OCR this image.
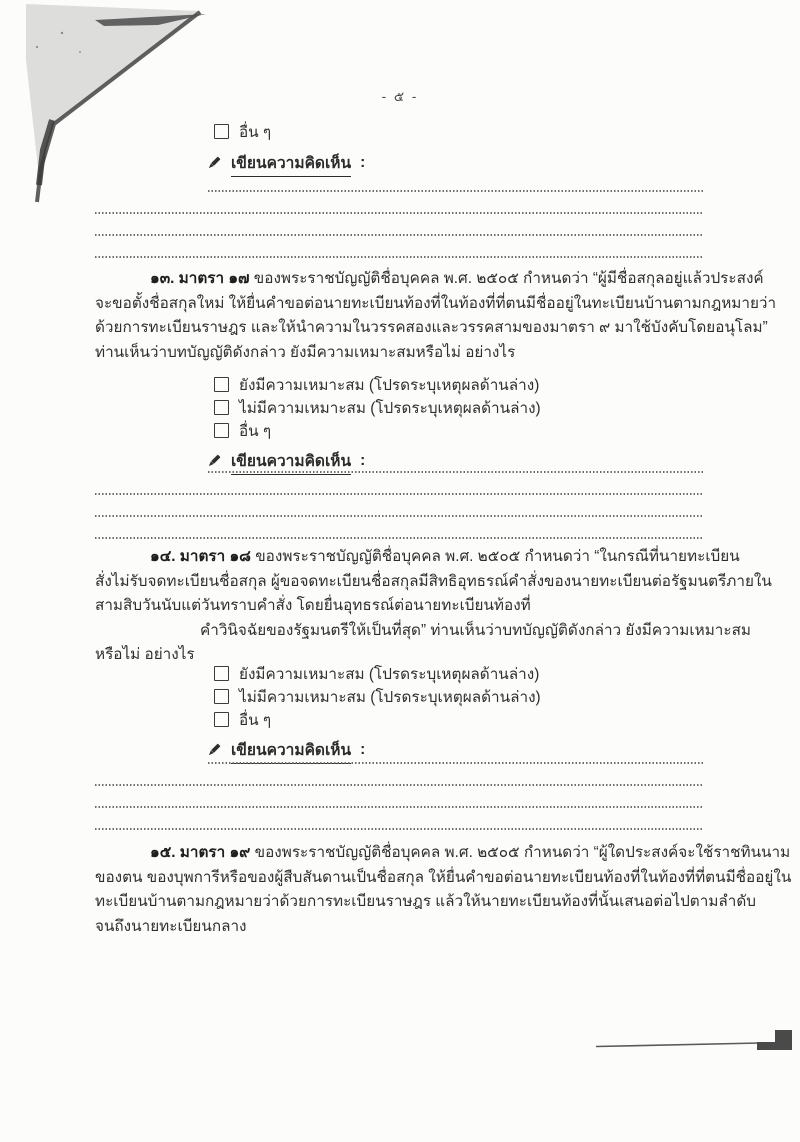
- ๕ -
อื่น ๆ
เขียนความคิดเห็น :
๑๓. มาตรา ๑๗ ของพระราชบัญญัติชื่อบุคคล พ.ศ. ๒๕๐๕ กำหนดว่า “ผู้มีชื่อสกุลอยู่แล้วประสงค์
จะขอตั้งชื่อสกุลใหม่ ให้ยื่นคำขอต่อนายทะเบียนท้องที่ในท้องที่ที่ตนมีชื่ออยู่ในทะเบียนบ้านตามกฎหมายว่า
ด้วยการทะเบียนราษฎร และให้นำความในวรรคสองและวรรคสามของมาตรา ๙ มาใช้บังคับโดยอนุโลม”
ท่านเห็นว่าบทบัญญัติดังกล่าว ยังมีความเหมาะสมหรือไม่ อย่างไร
ยังมีความเหมาะสม (โปรดระบุเหตุผลด้านล่าง)
ไม่มีความเหมาะสม (โปรดระบุเหตุผลด้านล่าง)
อื่น ๆ
เขียนความคิดเห็น :
๑๔. มาตรา ๑๘ ของพระราชบัญญัติชื่อบุคคล พ.ศ. ๒๕๐๕ กำหนดว่า “ในกรณีที่นายทะเบียน
สั่งไม่รับจดทะเบียนชื่อสกุล ผู้ขอจดทะเบียนชื่อสกุลมีสิทธิอุทธรณ์คำสั่งของนายทะเบียนต่อรัฐมนตรีภายใน
สามสิบวันนับแต่วันทราบคำสั่ง โดยยื่นอุทธรณ์ต่อนายทะเบียนท้องที่
คำวินิจฉัยของรัฐมนตรีให้เป็นที่สุด” ท่านเห็นว่าบทบัญญัติดังกล่าว ยังมีความเหมาะสม
หรือไม่ อย่างไร
ยังมีความเหมาะสม (โปรดระบุเหตุผลด้านล่าง)
ไม่มีความเหมาะสม (โปรดระบุเหตุผลด้านล่าง)
อื่น ๆ
เขียนความคิดเห็น :
๑๕. มาตรา ๑๙ ของพระราชบัญญัติชื่อบุคคล พ.ศ. ๒๕๐๕ กำหนดว่า “ผู้ใดประสงค์จะใช้ราชทินนาม
ของตน ของบุพการีหรือของผู้สืบสันดานเป็นชื่อสกุล ให้ยื่นคำขอต่อนายทะเบียนท้องที่ในท้องที่ที่ตนมีชื่ออยู่ใน
ทะเบียนบ้านตามกฎหมายว่าด้วยการทะเบียนราษฎร แล้วให้นายทะเบียนท้องที่นั้นเสนอต่อไปตามลำดับ
จนถึงนายทะเบียนกลาง
